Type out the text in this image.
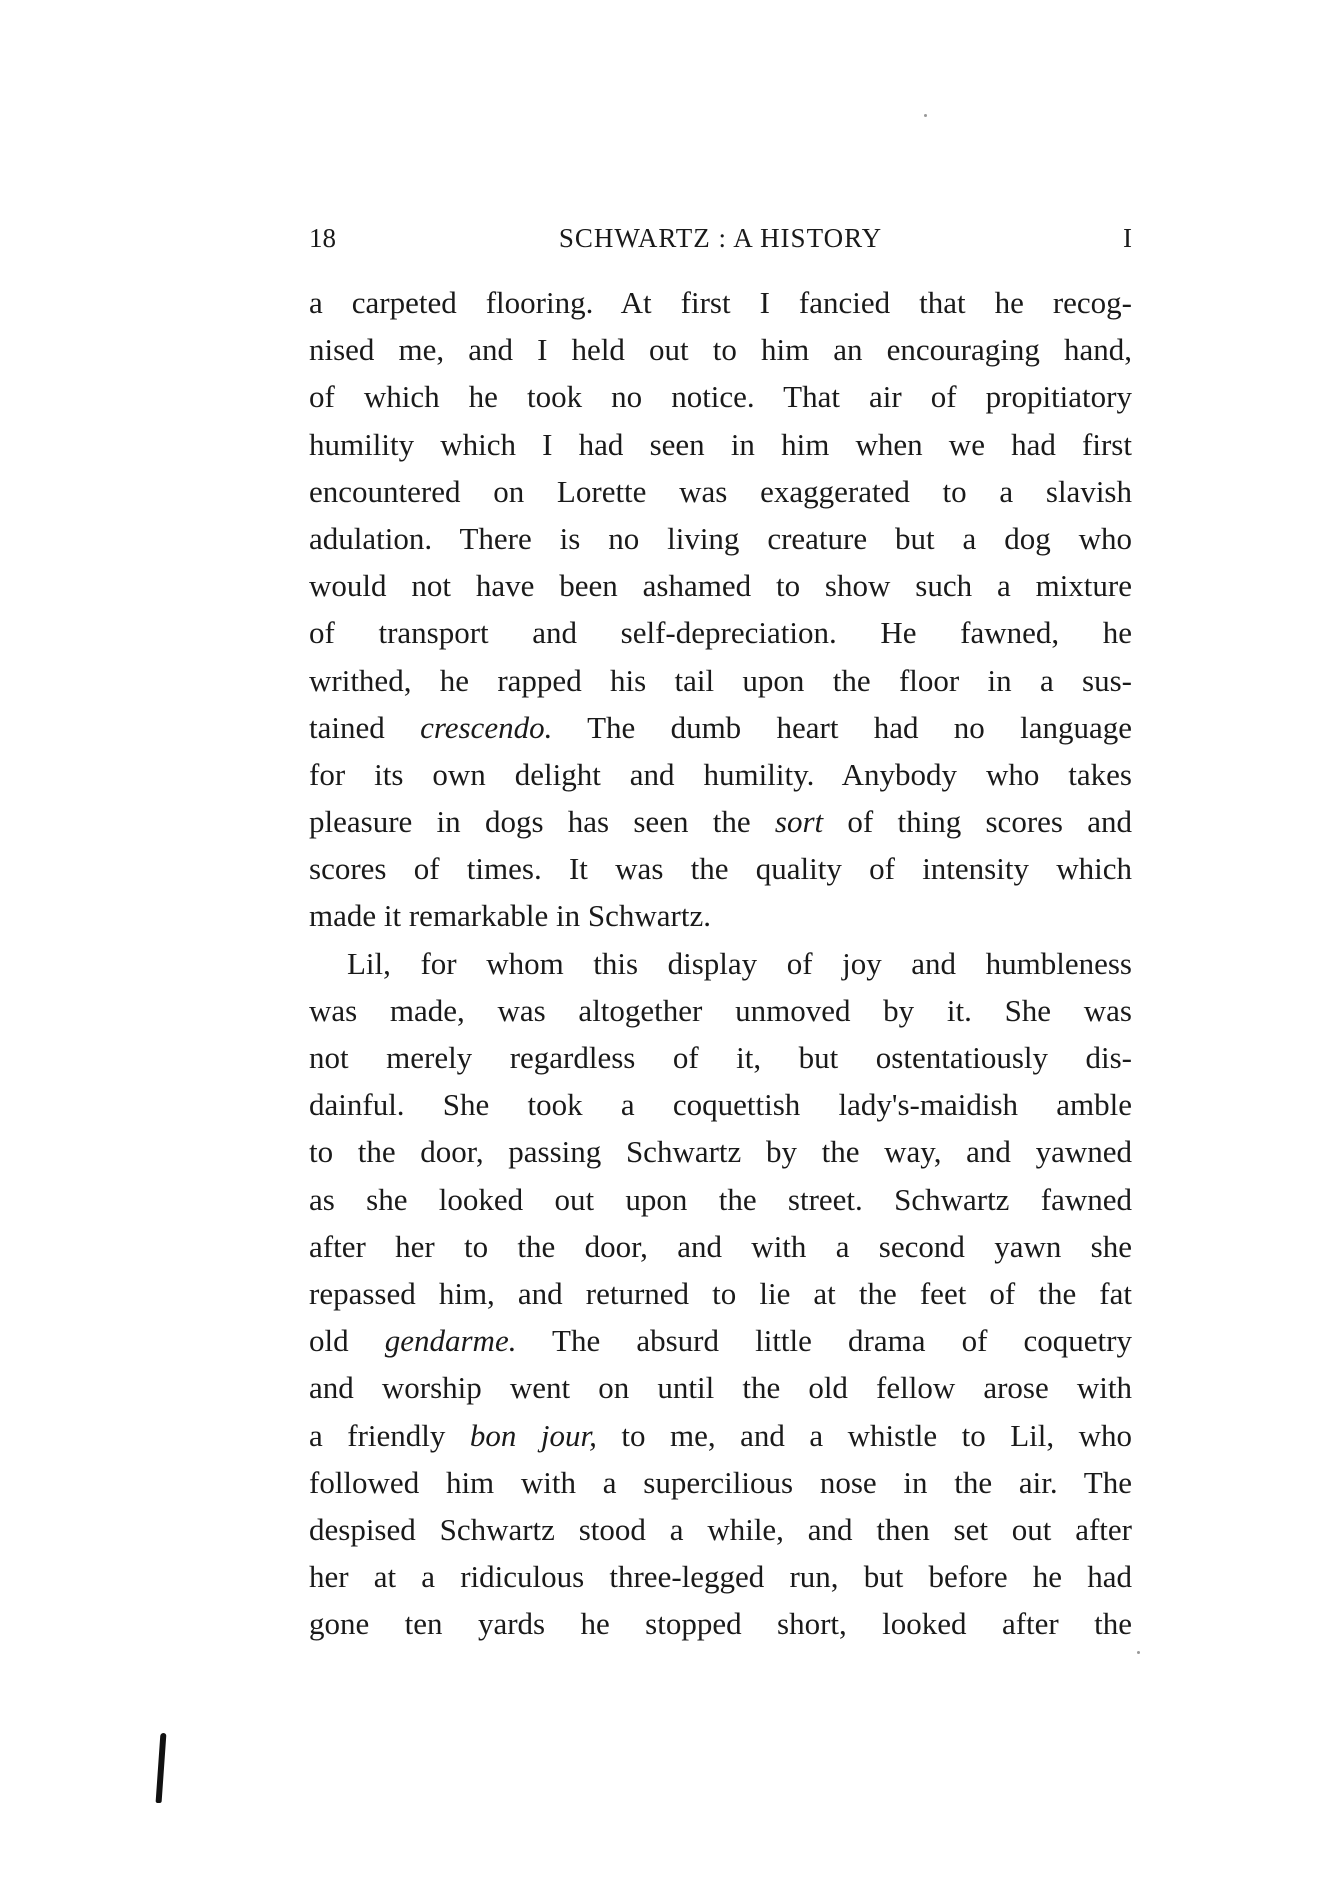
18	SCHWARTZ : A HISTORY	I
a carpeted flooring. At first I fancied that he recog-
nised me, and I held out to him an encouraging hand,
of which he took no notice. That air of propitiatory
humility which I had seen in him when we had first
encountered on Lorette was exaggerated to a slavish
adulation. There is no living creature but a dog who
would not have been ashamed to show such a mixture
of transport and self-depreciation. He fawned, he
writhed, he rapped his tail upon the floor in a sus-
tained crescendo. The dumb heart had no language
for its own delight and humility. Anybody who takes
pleasure in dogs has seen the sort of thing scores and
scores of times. It was the quality of intensity which
made it remarkable in Schwartz.
Lil, for whom this display of joy and humbleness
was made, was altogether unmoved by it. She was
not merely regardless of it, but ostentatiously dis-
dainful. She took a coquettish lady's-maidish amble
to the door, passing Schwartz by the way, and yawned
as she looked out upon the street. Schwartz fawned
after her to the door, and with a second yawn she
repassed him, and returned to lie at the feet of the fat
old gendarme. The absurd little drama of coquetry
and worship went on until the old fellow arose with
a friendly bon jour, to me, and a whistle to Lil, who
followed him with a supercilious nose in the air. The
despised Schwartz stood a while, and then set out after
her at a ridiculous three-legged run, but before he had
gone ten yards he stopped short, looked after the
